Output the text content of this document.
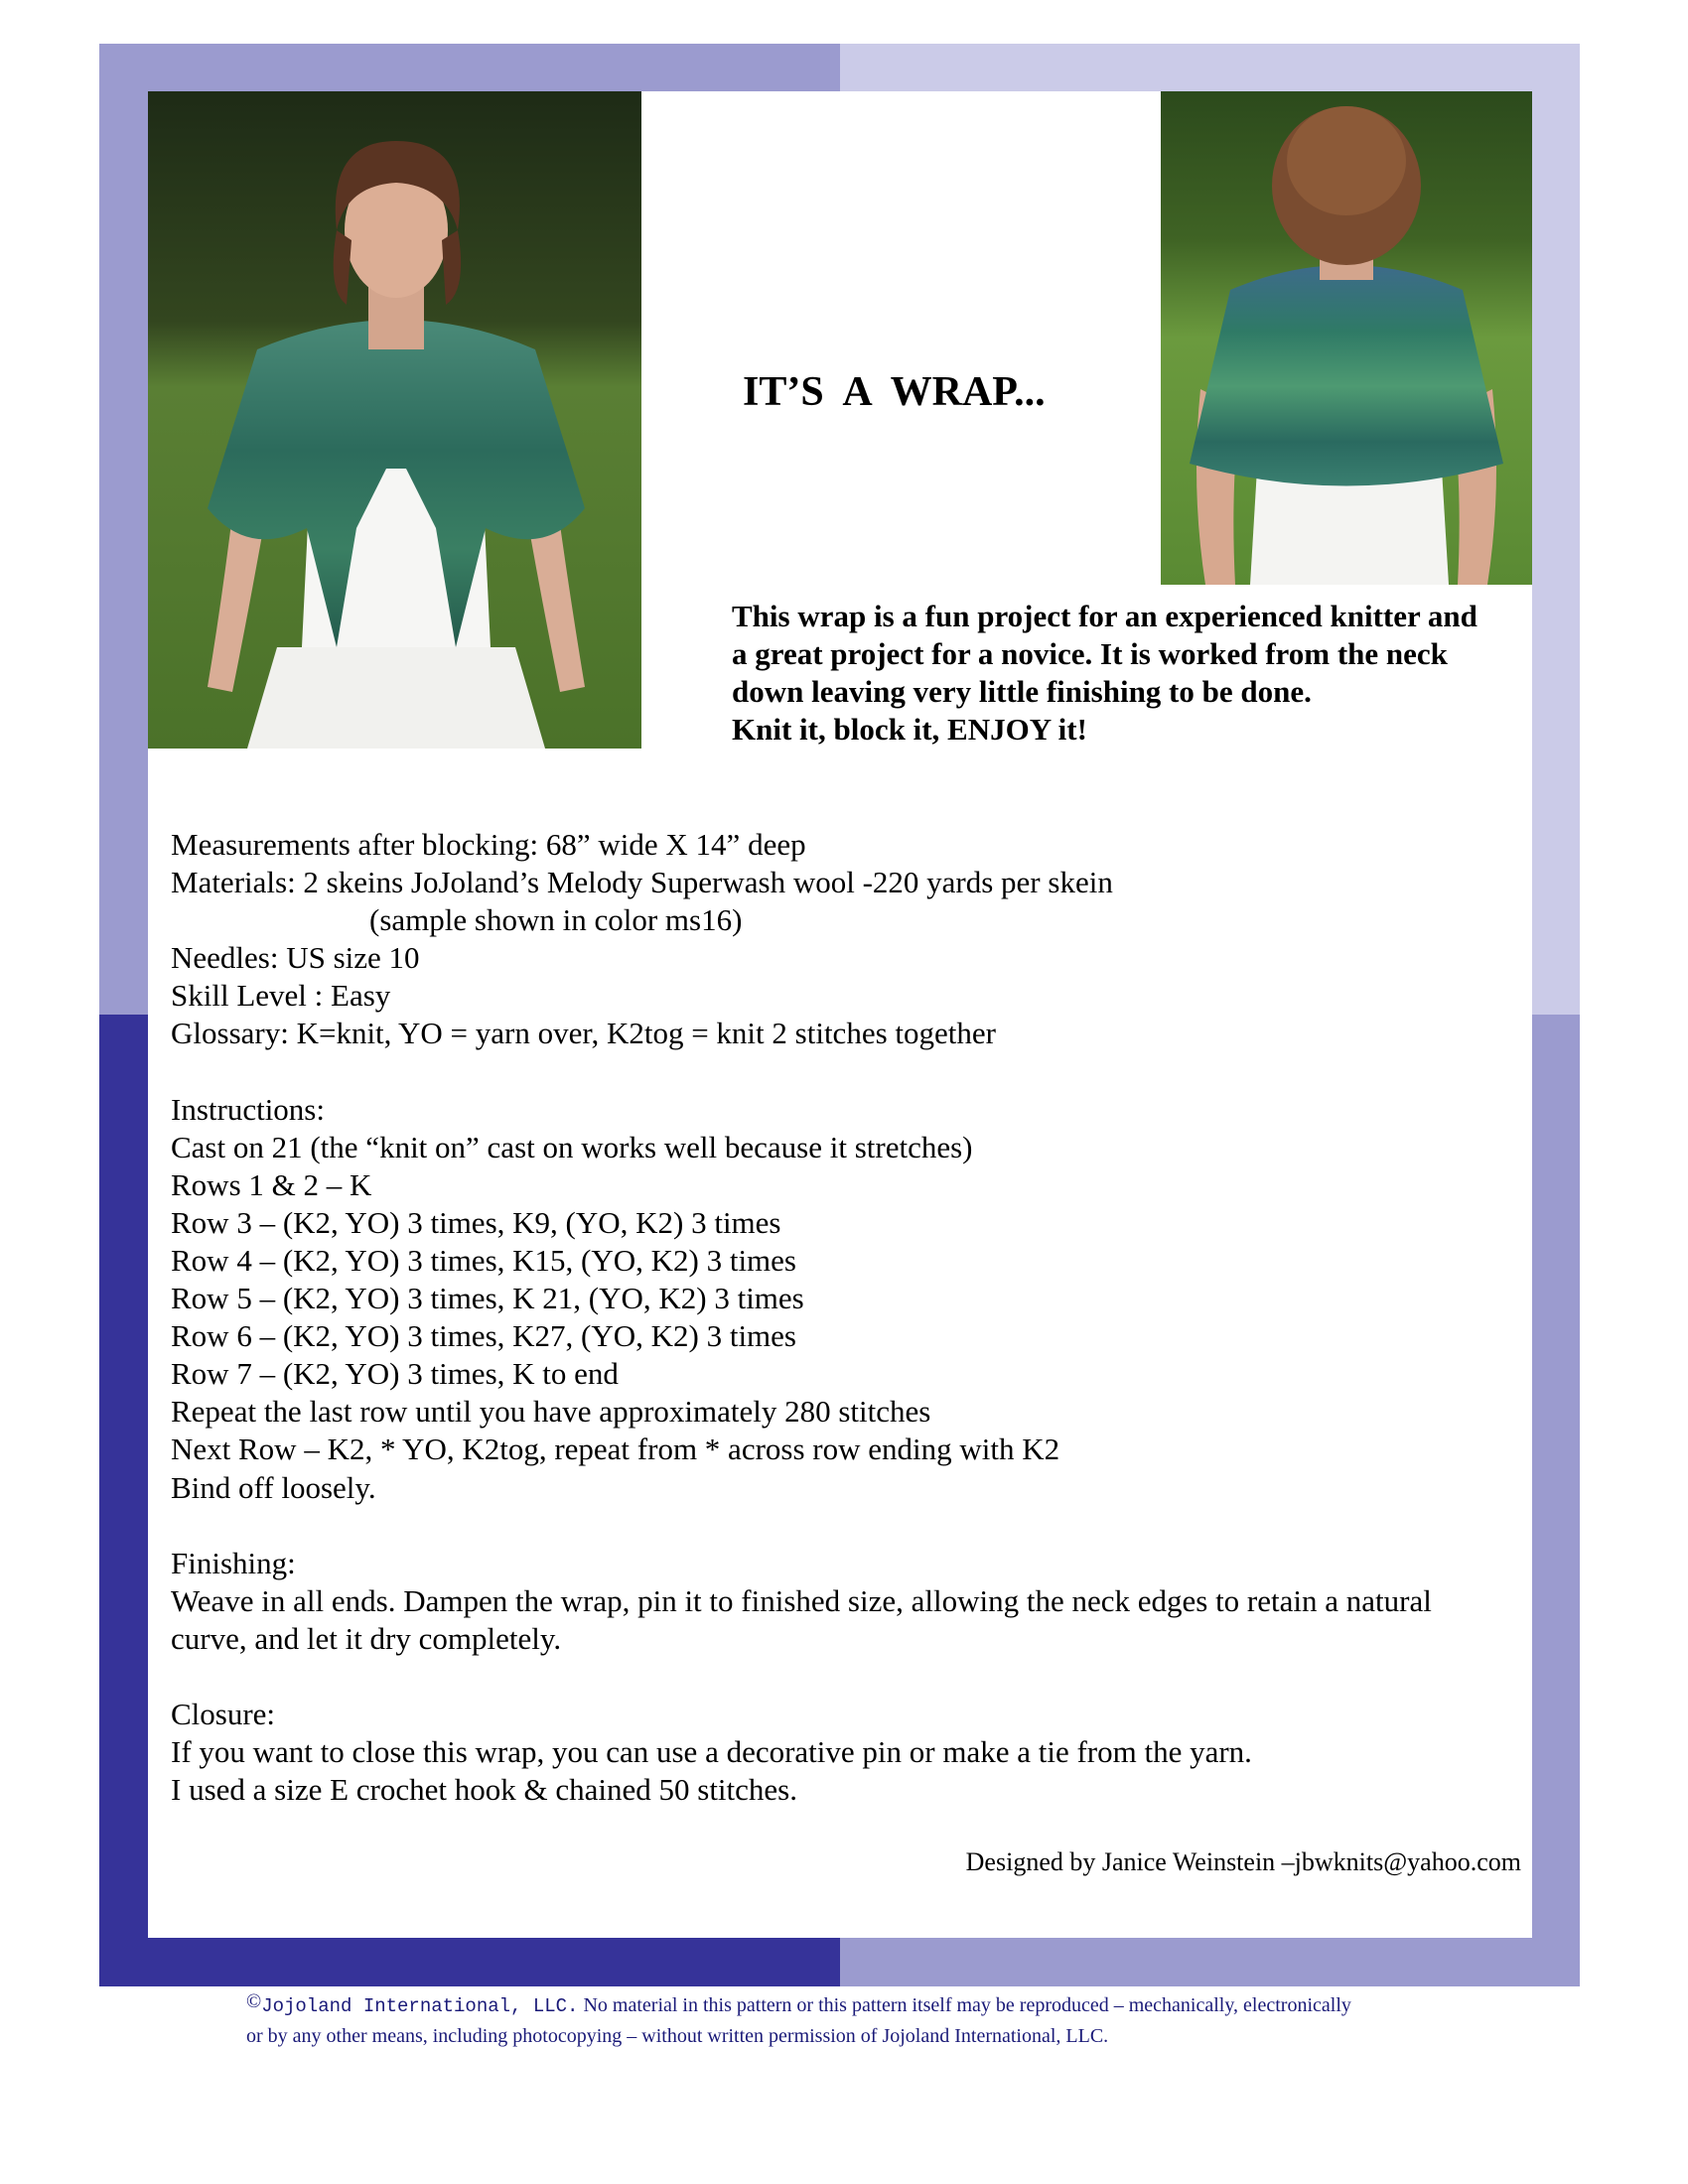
IT’S  A  WRAP...
This wrap is a fun project for an experienced knitter and
a great project for a novice. It is worked from the neck
down leaving very little finishing to be done.
Knit it, block it, ENJOY it!
Measurements after blocking: 68” wide X 14” deep
Materials: 2 skeins JoJoland’s Melody Superwash wool -220 yards per skein
(sample shown in color ms16)
Needles: US size 10
Skill Level : Easy
Glossary: K=knit, YO = yarn over, K2tog = knit 2 stitches together
Instructions:
Cast on 21 (the “knit on” cast on works well because it stretches)
Rows 1 & 2 – K
Row 3 – (K2, YO) 3 times, K9, (YO, K2) 3 times
Row 4 – (K2, YO) 3 times, K15, (YO, K2) 3 times
Row 5 – (K2, YO) 3 times, K 21, (YO, K2) 3 times
Row 6 – (K2, YO) 3 times, K27, (YO, K2) 3 times
Row 7 – (K2, YO) 3 times, K to end
Repeat the last row until you have approximately 280 stitches
Next Row – K2, * YO, K2tog, repeat from * across row ending with K2
Bind off loosely.
Finishing:
Weave in all ends. Dampen the wrap, pin it to finished size, allowing the neck edges to retain a natural
curve, and let it dry completely.
Closure:
If you want to close this wrap, you can use a decorative pin or make a tie from the yarn.
I used a size E crochet hook & chained 50 stitches.
Designed by Janice Weinstein –jbwknits@yahoo.com
©Jojoland International, LLC. No material in this pattern or this pattern itself may be reproduced – mechanically, electronically
or by any other means, including photocopying – without written permission of Jojoland International, LLC.
